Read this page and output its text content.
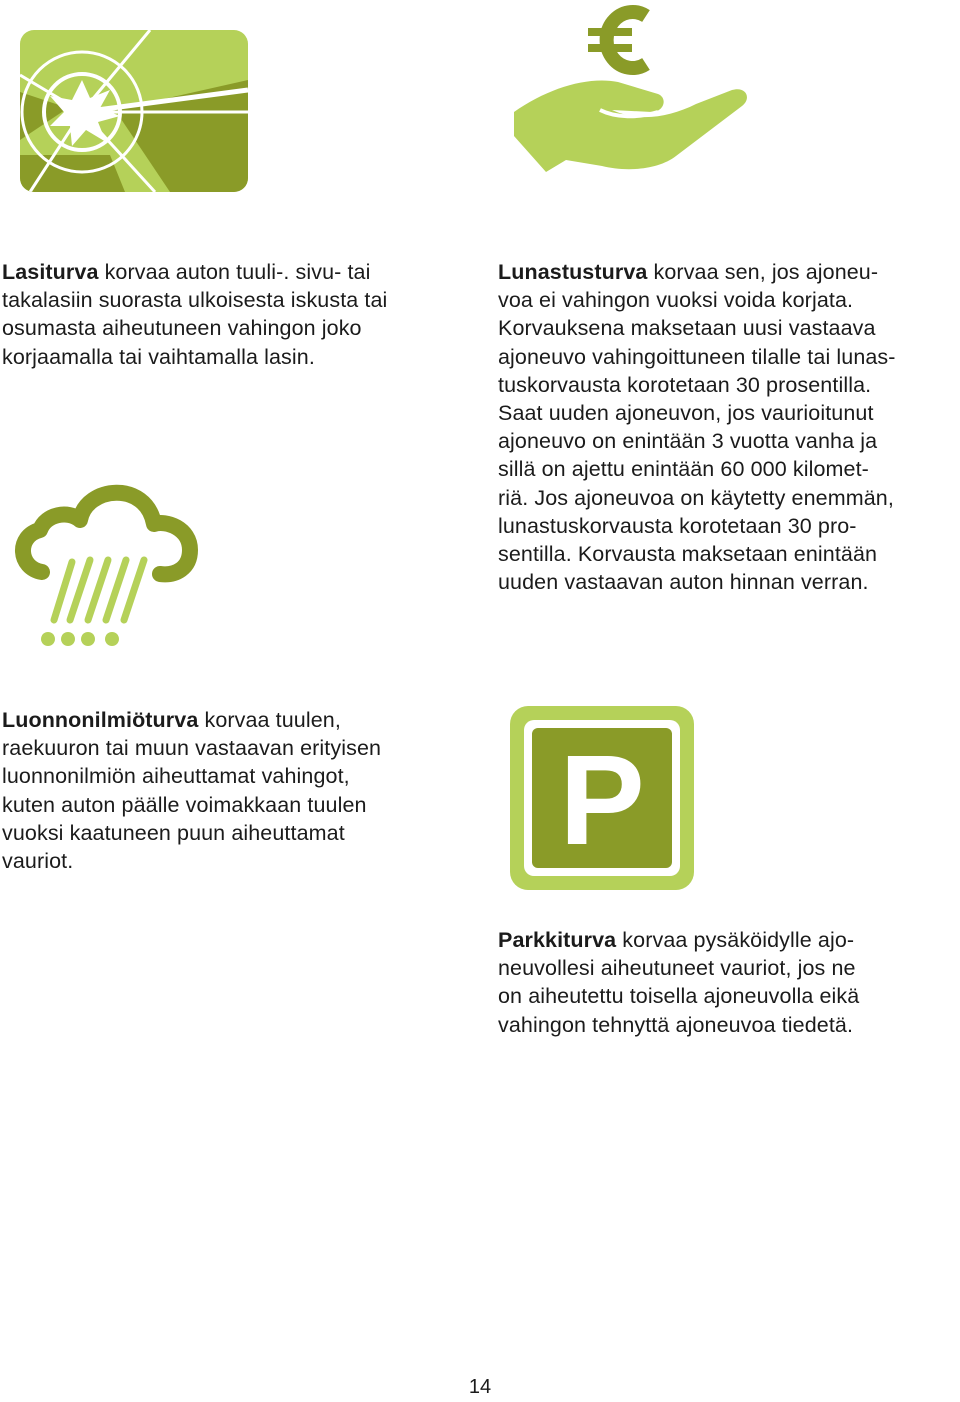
P
Lasiturva korvaa auton tuuli-. sivu- tai
takalasiin suorasta ulkoisesta iskusta tai
osumasta aiheutuneen vahingon joko
korjaamalla tai vaihtamalla lasin.
Lunastusturva korvaa sen, jos ajoneu-
voa ei vahingon vuoksi voida korjata.
Korvauksena maksetaan uusi vastaava
ajoneuvo vahingoittuneen tilalle tai lunas-
tuskorvausta korotetaan 30 prosentilla.
Saat uuden ajoneuvon, jos vaurioitunut
ajoneuvo on enintään 3 vuotta vanha ja
sillä on ajettu enintään 60 000 kilomet-
riä. Jos ajoneuvoa on käytetty enemmän,
lunastuskorvausta korotetaan 30 pro-
sentilla. Korvausta maksetaan enintään
uuden vastaavan auton hinnan verran.
Luonnonilmiöturva korvaa tuulen,
raekuuron tai muun vastaavan erityisen
luonnonilmiön aiheuttamat vahingot,
kuten auton päälle voimakkaan tuulen
vuoksi kaatuneen puun aiheuttamat
vauriot.
Parkkiturva korvaa pysäköidylle ajo-
neuvollesi aiheutuneet vauriot, jos ne
on aiheutettu toisella ajoneuvolla eikä
vahingon tehnyttä ajoneuvoa tiedetä.
14
